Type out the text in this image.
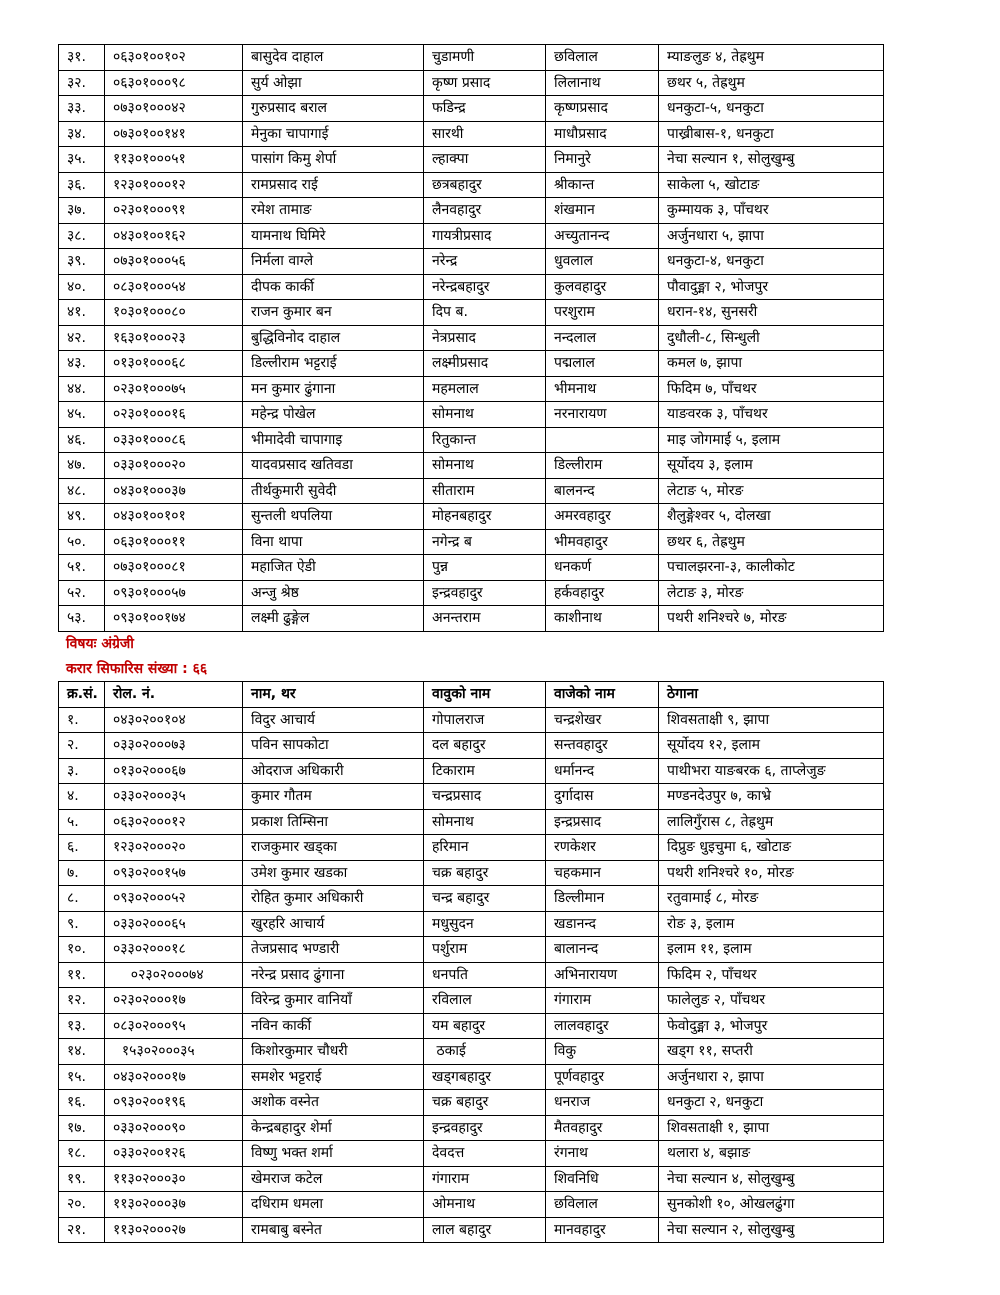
३१.	०६३०१००१०२	बासुदेव दाहाल	चुडामणी	छविलाल	म्याङलुङ ४, तेह्रथुम
३२.	०६३०१०००९८	सुर्य ओझा	कृष्ण प्रसाद	लिलानाथ	छथर ५, तेह्रथुम
३३.	०७३०१०००४२	गुरुप्रसाद बराल	फडिन्द्र	कृष्णप्रसाद	धनकुटा-५, धनकुटा
३४.	०७३०१००१४१	मेनुका चापागाई	सारथी	माधौप्रसाद	पाख्रीबास-१, धनकुटा
३५.	११३०१०००५१	पासांग किमु शेर्पा	ल्हाक्पा	निमानुरे	नेचा सल्यान १, सोलुखुम्बु
३६.	१२३०१०००१२	रामप्रसाद राई	छत्रबहादुर	श्रीकान्त	साकेला ५, खोटाङ
३७.	०२३०१०००९१	रमेश तामाङ	लैनवहादुर	शंखमान	कुम्मायक ३, पाँचथर
३८.	०४३०१००१६२	यामनाथ घिमिरे	गायत्रीप्रसाद	अच्युतानन्द	अर्जुनधारा ५, झापा
३९.	०७३०१०००५६	निर्मला वाग्ले	नरेन्द्र	धुवलाल	धनकुटा-४, धनकुटा
४०.	०८३०१०००५४	दीपक कार्की	नरेन्द्रबहादुर	कुलवहादुर	पौवादुङ्मा २, भोजपुर
४१.	१०३०१०००८०	राजन कुमार बन	दिप ब.	परशुराम	धरान-१४, सुनसरी
४२.	१६३०१०००२३	बुद्धिविनोद दाहाल	नेत्रप्रसाद	नन्दलाल	दुधौली-८, सिन्धुली
४३.	०१३०१०००६८	डिल्लीराम भट्टराई	लक्ष्मीप्रसाद	पद्मलाल	कमल ७, झापा
४४.	०२३०१०००७५	मन कुमार ढुंगाना	महमलाल	भीमनाथ	फिदिम ७, पाँचथर
४५.	०२३०१०००१६	महेन्द्र पोखेल	सोमनाथ	नरनारायण	याङवरक ३, पाँचथर
४६.	०३३०१०००८६	भीमादेवी चापागाइ	रितुकान्त		माइ जोगमाई ५, इलाम
४७.	०३३०१०००२०	यादवप्रसाद खतिवडा	सोमनाथ	डिल्लीराम	सूर्योदय ३, इलाम
४८.	०४३०१०००३७	तीर्थकुमारी सुवेदी	सीताराम	बालनन्द	लेटाङ ५, मोरङ
४९.	०४३०१००१०१	सुन्तली थपलिया	मोहनबहादुर	अमरवहादुर	शैलुङ्गेश्वर ५, दोलखा
५०.	०६३०१०००११	विना थापा	नगेन्द्र ब	भीमवहादुर	छथर ६, तेह्रथुम
५१.	०७३०१०००८१	महाजित ऐडी	पुन्न	धनकर्ण	पचालझरना-३, कालीकोट
५२.	०९३०१०००५७	अन्जु श्रेष्ठ	इन्द्रवहादुर	हर्कवहादुर	लेटाङ ३, मोरङ
५३.	०९३०१००१७४	लक्ष्मी ढुङ्गेल	अनन्तराम	काशीनाथ	पथरी शनिश्चरे ७, मोरङ
विषयः अंग्रेजी
करार सिफारिस संख्या : ६६
क्र.सं.	रोल. नं.	नाम, थर	वावुको नाम	वाजेको नाम	ठेगाना
१.	०४३०२००१०४	विदुर आचार्य	गोपालराज	चन्द्रशेखर	शिवसताक्षी ९, झापा
२.	०३३०२०००७३	पविन सापकोटा	दल बहादुर	सन्तवहादुर	सूर्योदय १२, इलाम
३.	०१३०२०००६७	ओदराज अधिकारी	टिकाराम	धर्मानन्द	पाथीभरा याङबरक ६, ताप्लेजुङ
४.	०३३०२०००३५	कुमार गौतम	चन्द्रप्रसाद	दुर्गादास	मण्डनदेउपुर ७, काभ्रे
५.	०६३०२०००१२	प्रकाश तिम्सिना	सोमनाथ	इन्द्रप्रसाद	लालिगुँरास ८, तेह्रथुम
६.	१२३०२०००२०	राजकुमार खड्का	हरिमान	रणकेशर	दिप्रुङ धुइचुमा ६, खोटाङ
७.	०९३०२००१५७	उमेश कुमार खडका	चक्र बहादुर	चहकमान	पथरी शनिश्चरे १०, मोरङ
८.	०९३०२०००५२	रोहित कुमार अधिकारी	चन्द्र बहादुर	डिल्लीमान	रतुवामाई ८, मोरङ
९.	०३३०२०००६५	खुरहरि आचार्य	मधुसुदन	खडानन्द	रोङ ३, इलाम
१०.	०३३०२०००१८	तेजप्रसाद भण्डारी	पर्शुराम	बालानन्द	इलाम ११, इलाम
११.	०२३०२०००७४	नरेन्द्र प्रसाद ढुंगाना	धनपति	अभिनारायण	फिदिम २, पाँचथर
१२.	०२३०२०००१७	विरेन्द्र कुमार वानियाँ	रविलाल	गंगाराम	फालेलुङ २, पाँचथर
१३.	०८३०२०००९५	नविन कार्की	यम बहादुर	लालवहादुर	फेवोदुङ्मा ३, भोजपुर
१४.	१५३०२०००३५	किशोरकुमार चौधरी	ठकाई	विकु	खड्ग ११, सप्तरी
१५.	०४३०२०००१७	समशेर भट्टराई	खड्गबहादुर	पूर्णवहादुर	अर्जुनधारा २, झापा
१६.	०९३०२००१९६	अशोक वस्नेत	चक्र बहादुर	धनराज	धनकुटा २, धनकुटा
१७.	०३३०२०००९०	केन्द्रबहादुर शेर्मा	इन्द्रवहादुर	मैतवहादुर	शिवसताक्षी १, झापा
१८.	०३३०२००१२६	विष्णु भक्त शर्मा	देवदत्त	रंगनाथ	थलारा ४, बझाङ
१९.	११३०२०००३०	खेमराज कटेल	गंगाराम	शिवनिधि	नेचा सल्यान ४, सोलुखुम्बु
२०.	११३०२०००३७	दधिराम धमला	ओमनाथ	छविलाल	सुनकोशी १०, ओखलढुंगा
२१.	११३०२०००२७	रामबाबु बस्नेत	लाल बहादुर	मानवहादुर	नेचा सल्यान २, सोलुखुम्बु
